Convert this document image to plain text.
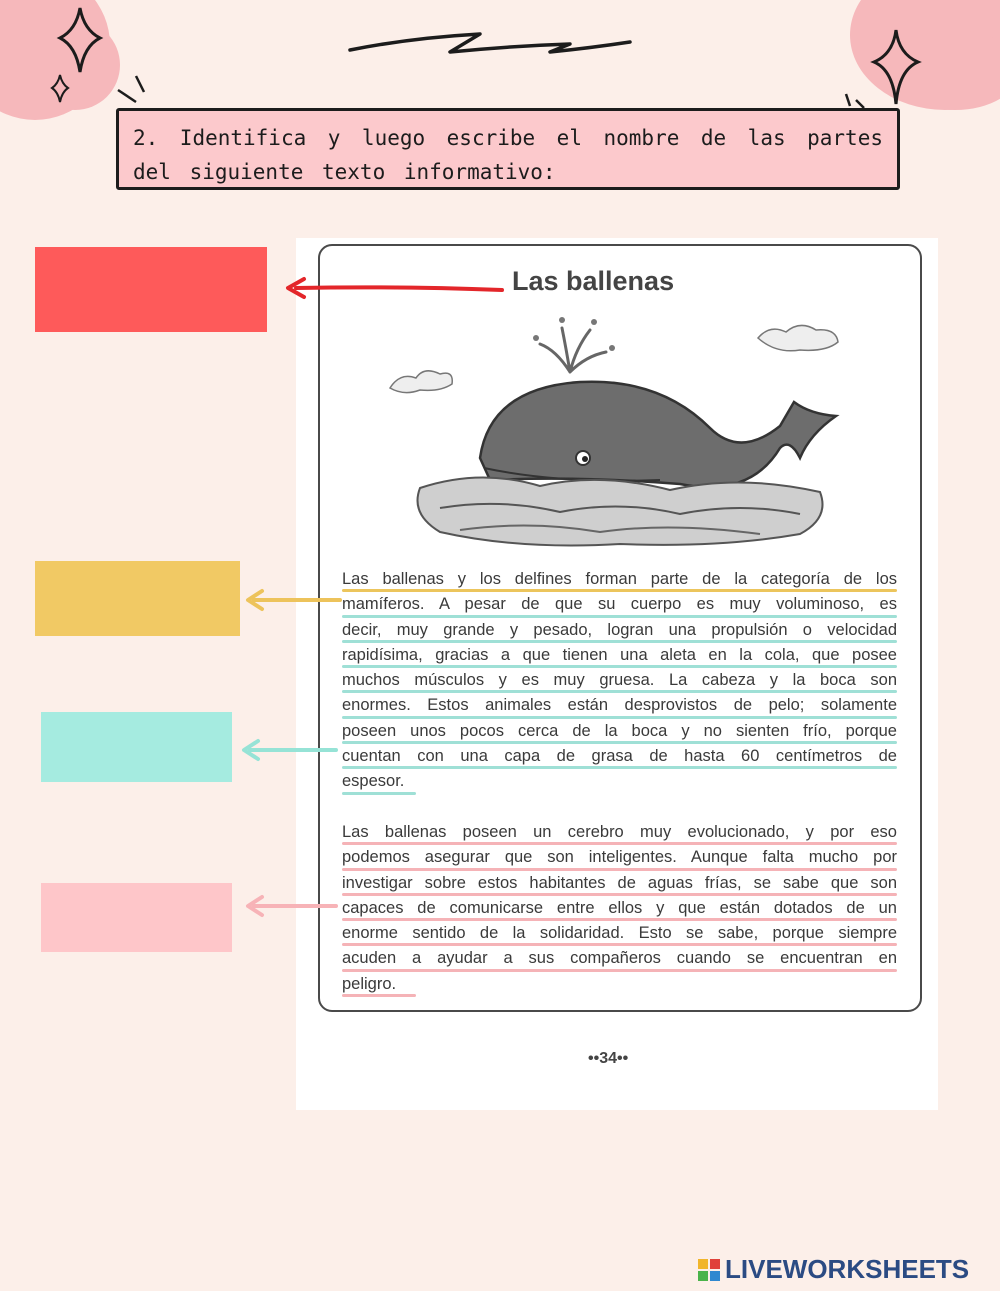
2. Identifica y luego escribe el nombre de las partes del siguiente texto informativo:
Las ballenas
Las ballenas y los delfines forman parte de la categoría de los
mamíferos. A pesar de que su cuerpo es muy voluminoso, es
decir, muy grande y pesado, logran una propulsión o velocidad
rapidísima, gracias a que tienen una aleta en la cola, que posee
muchos músculos y es muy gruesa. La cabeza y la boca son
enormes. Estos animales están desprovistos de pelo; solamente
poseen unos pocos cerca de la boca y no sienten frío, porque
cuentan con una capa de grasa de hasta 60 centímetros de
espesor.
Las ballenas poseen un cerebro muy evolucionado, y por eso
podemos asegurar que son inteligentes. Aunque falta mucho por
investigar sobre estos habitantes de aguas frías, se sabe que son
capaces de comunicarse entre ellos y que están dotados de un
enorme sentido de la solidaridad. Esto se sabe, porque siempre
acuden a ayudar a sus compañeros cuando se encuentran en
peligro.
••34••
LIVEWORKSHEETS
